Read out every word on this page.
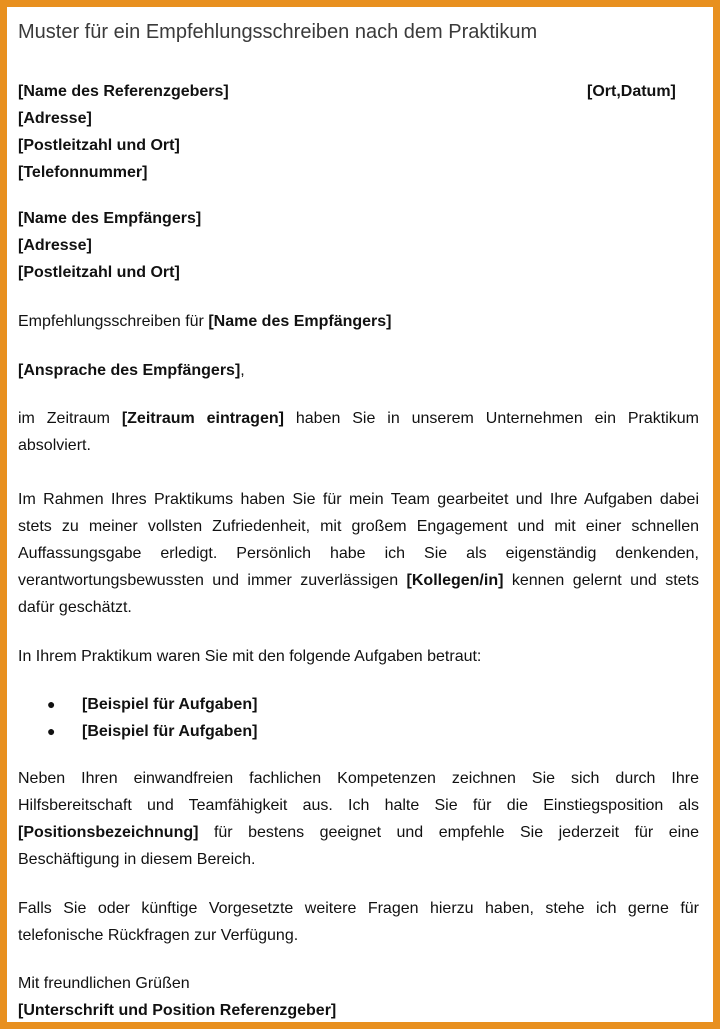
Muster für ein Empfehlungsschreiben nach dem Praktikum
[Name des Referenzgebers]
[Adresse]
[Postleitzahl und Ort]
[Telefonnummer]
[Ort,Datum]
[Name des Empfängers]
[Adresse]
[Postleitzahl und Ort]
Empfehlungsschreiben für [Name des Empfängers]
[Ansprache des Empfängers],
im Zeitraum [Zeitraum eintragen] haben Sie in unserem Unternehmen ein Praktikum
absolviert.
Im Rahmen Ihres Praktikums haben Sie für mein Team gearbeitet und Ihre Aufgaben dabei
stets zu meiner vollsten Zufriedenheit, mit großem Engagement und mit einer schnellen
Auffassungsgabe erledigt. Persönlich habe ich Sie als eigenständig denkenden,
verantwortungsbewussten und immer zuverlässigen [Kollegen/in] kennen gelernt und stets
dafür geschätzt.
In Ihrem Praktikum waren Sie mit den folgende Aufgaben betraut:
● [Beispiel für Aufgaben]
● [Beispiel für Aufgaben]
Neben Ihren einwandfreien fachlichen Kompetenzen zeichnen Sie sich durch Ihre
Hilfsbereitschaft und Teamfähigkeit aus. Ich halte Sie für die Einstiegsposition als
[Positionsbezeichnung] für bestens geeignet und empfehle Sie jederzeit für eine
Beschäftigung in diesem Bereich.
Falls Sie oder künftige Vorgesetzte weitere Fragen hierzu haben, stehe ich gerne für
telefonische Rückfragen zur Verfügung.
Mit freundlichen Grüßen
[Unterschrift und Position Referenzgeber]
